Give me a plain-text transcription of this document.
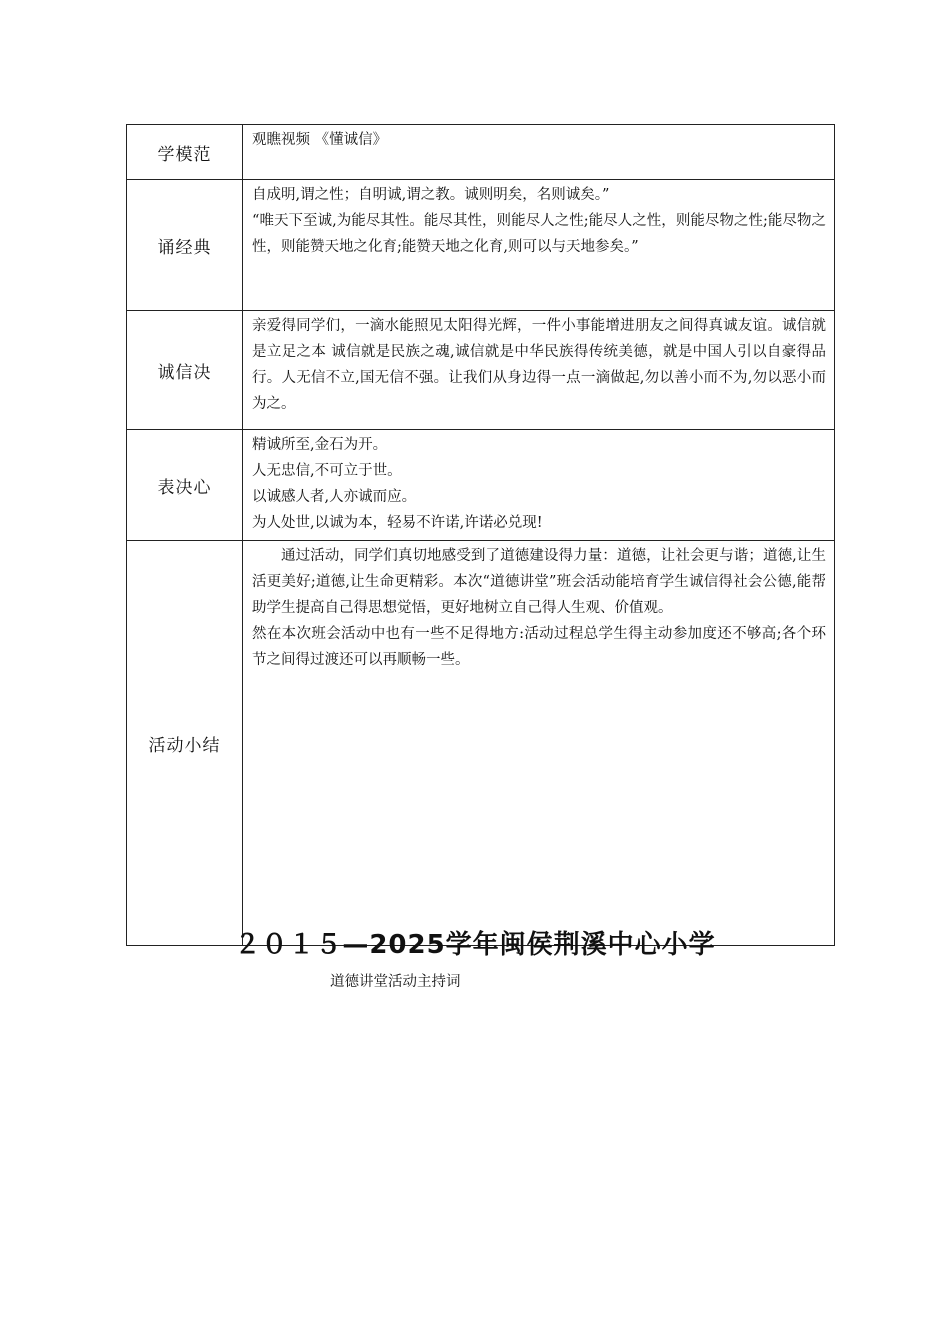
学模范	观瞧视频 《懂诚信》

诵经典	自成明,谓之性；自明诚,谓之教。诚则明矣，名则诚矣。”

“唯天下至诚,为能尽其性。能尽其性，则能尽人之性;能尽人之性，则能尽物之性;能尽物之性，则能赞天地之化育;能赞天地之化育,则可以与天地参矣。”

诚信决	亲爱得同学们，一滴水能照见太阳得光辉，一件小事能增进朋友之间得真诚友谊。诚信就是立足之本 诚信就是民族之魂,诚信就是中华民族得传统美德，就是中国人引以自豪得品行。人无信不立,国无信不强。让我们从身边得一点一滴做起,勿以善小而不为,勿以恶小而为之。

表决心	精诚所至,金石为开。

人无忠信,不可立于世。

以诚感人者,人亦诚而应。

为人处世,以诚为本，轻易不许诺,许诺必兑现!

活动小结	通过活动，同学们真切地感受到了道德建设得力量：道德，让社会更与谐；道德,让生活更美好;道德,让生命更精彩。本次“道德讲堂”班会活动能培育学生诚信得社会公德,能帮助学生提高自己得思想觉悟，更好地树立自己得人生观、价值观。

然在本次班会活动中也有一些不足得地方:活动过程总学生得主动参加度还不够高;各个环节之间得过渡还可以再顺畅一些。

２０１５—2025学年闽侯荆溪中心小学
道德讲堂活动主持词
